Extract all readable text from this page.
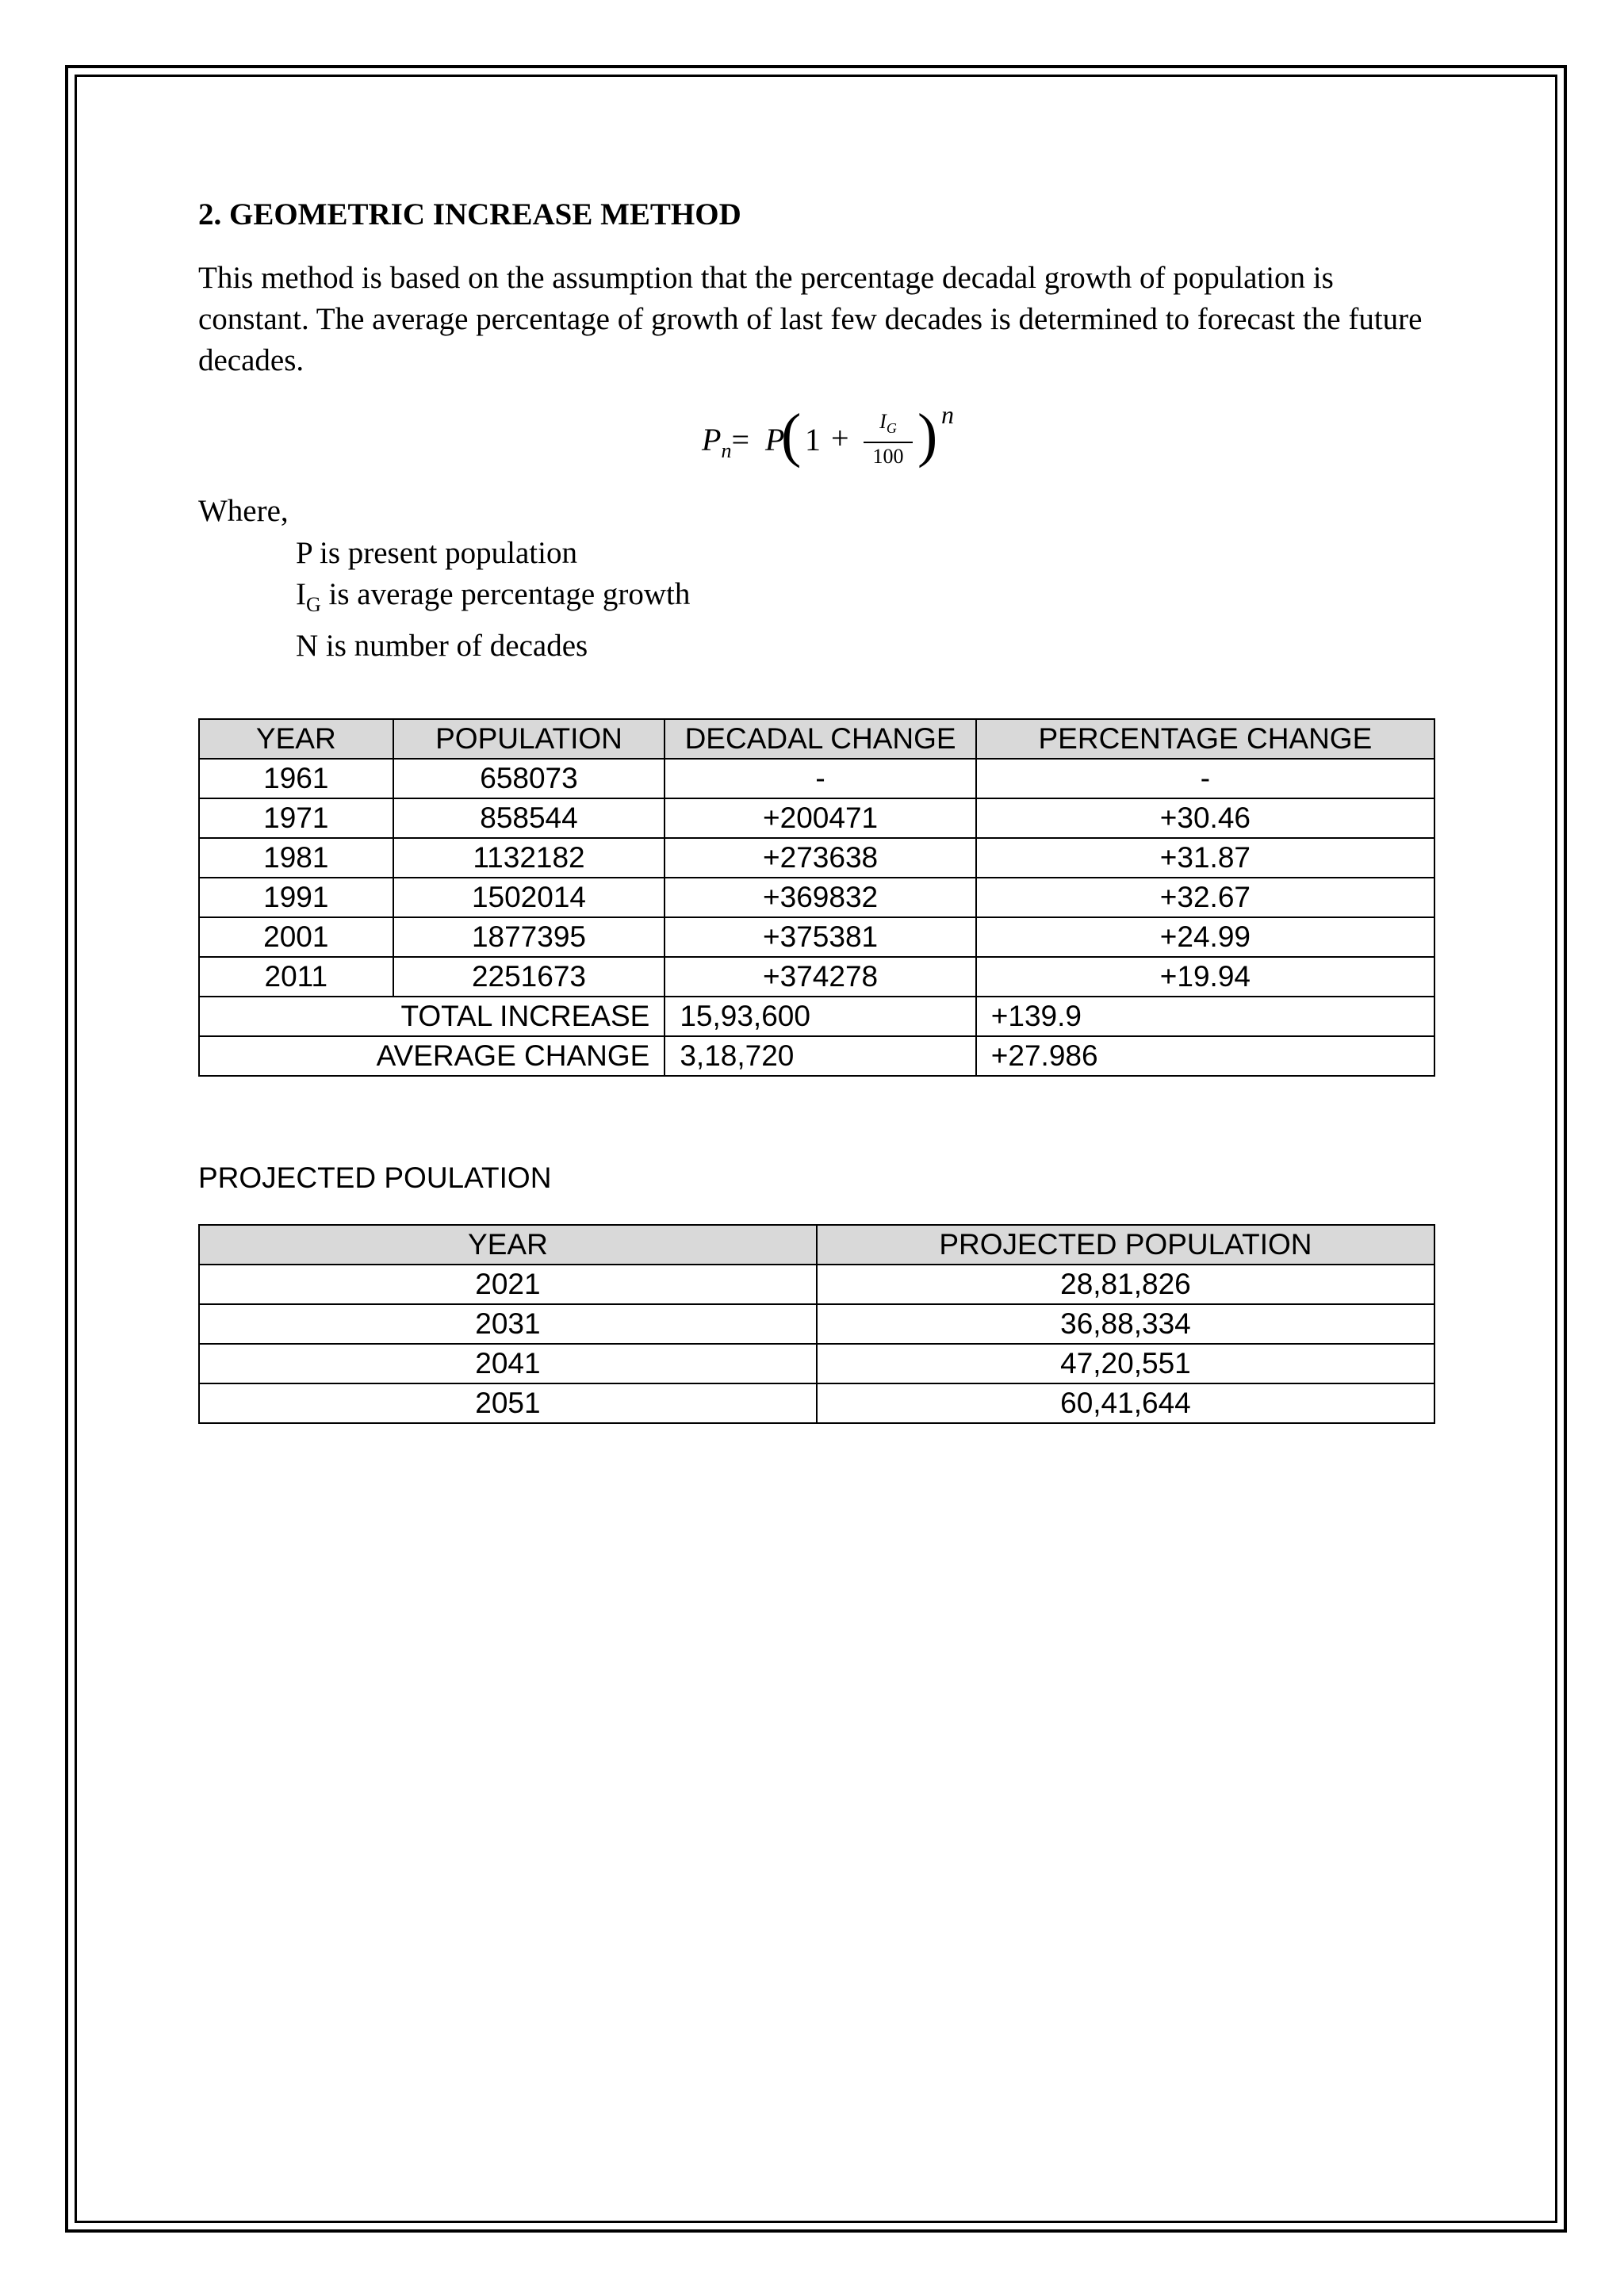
2. GEOMETRIC INCREASE METHOD

This method is based on the assumption that the percentage decadal growth of population is constant. The average percentage of growth of last few decades is determined to forecast the future decades.

$P_n= P$
( 1 +	$I_G$
100 ) n

Where,

P is present population
$I_G$ is average percentage growth
N is number of decades
YEAR	POPULATION	DECADAL CHANGE	PERCENTAGE CHANGE
1961	658073	-	-
1971	858544	+200471	+30.46
1981	1132182	+273638	+31.87
1991	1502014	+369832	+32.67
2001	1877395	+375381	+24.99
2011	2251673	+374278	+19.94
TOTAL INCREASE		15,93,600	+139.9
AVERAGE CHANGE		3,18,720	+27.986

PROJECTED POULATION

YEAR	PROJECTED POPULATION
2021	28,81,826
2031	36,88,334
2041	47,20,551
2051	60,41,644
